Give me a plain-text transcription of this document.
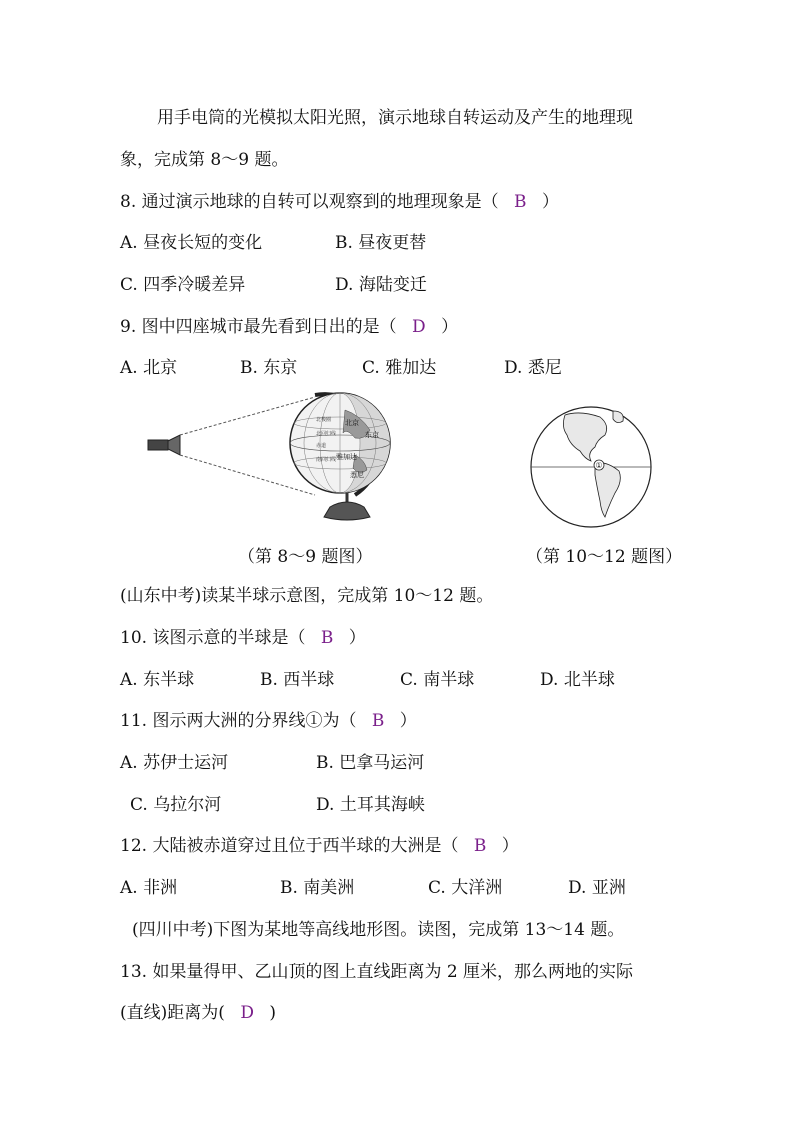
用手电筒的光模拟太阳光照，演示地球自转运动及产生的地理现
象，完成第 8～9 题。
8. 通过演示地球的自转可以观察到的地理现象是（ B ）
A. 昼夜长短的变化	B. 昼夜更替
C. 四季冷暖差异	D. 海陆变迁
9. 图中四座城市最先看到日出的是（ D ）
A. 北京	B. 东京	C. 雅加达	D. 悉尼
北京
东京
雅加达
悉尼
北极圈
北回归线
赤道
南回归线
（第 8～9 题图）
①
（第 10～12 题图）
(山东中考)读某半球示意图，完成第 10～12 题。
10. 该图示意的半球是（ B ）
A. 东半球	B. 西半球	C. 南半球	D. 北半球
11. 图示两大洲的分界线①为（ B ）
A. 苏伊士运河	B. 巴拿马运河
C. 乌拉尔河	D. 土耳其海峡
12. 大陆被赤道穿过且位于西半球的大洲是（ B ）
A. 非洲	B. 南美洲	C. 大洋洲	D. 亚洲
(四川中考)下图为某地等高线地形图。读图，完成第 13～14 题。
13. 如果量得甲、乙山顶的图上直线距离为 2 厘米，那么两地的实际
(直线)距离为( D )
